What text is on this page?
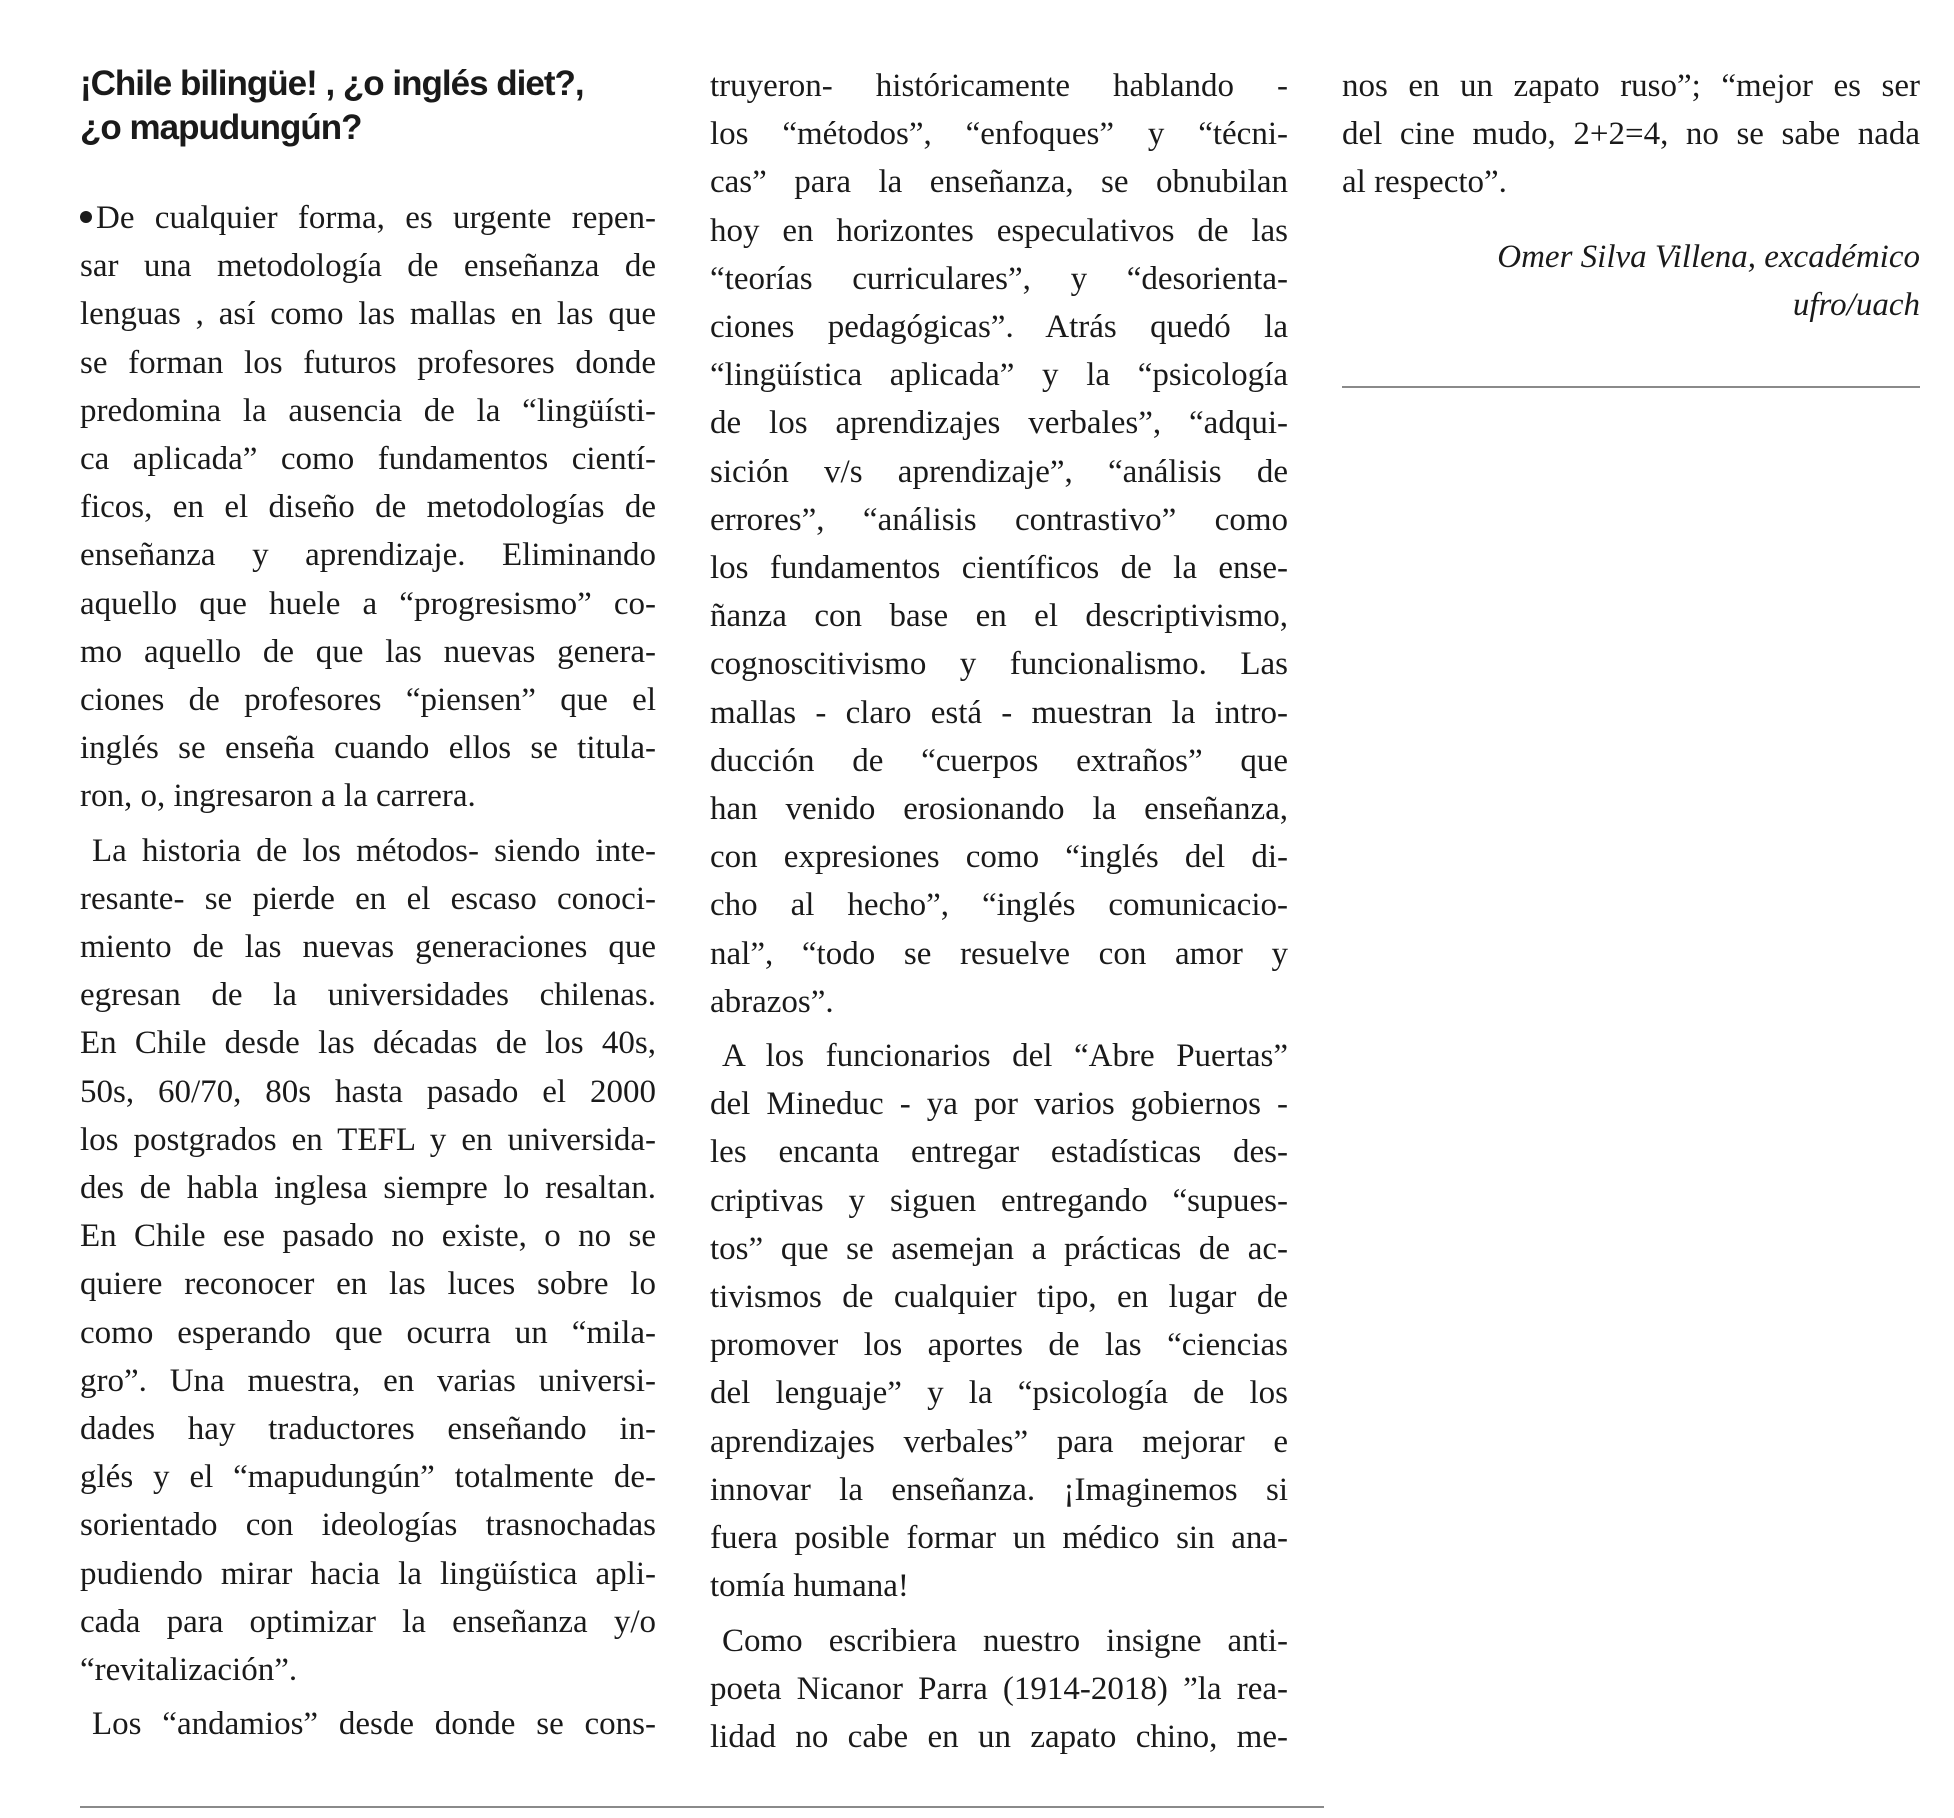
¡Chile bilingüe! , ¿o inglés diet?,
¿o mapudungún?
De cualquier forma, es urgente repen-
sar una metodología de enseñanza de
lenguas , así como las mallas en las que
se forman los futuros profesores donde
predomina la ausencia de la “lingüísti-
ca aplicada” como fundamentos cientí-
ficos, en el diseño de metodologías de
enseñanza y aprendizaje. Eliminando
aquello que huele a “progresismo” co-
mo aquello de que las nuevas genera-
ciones de profesores “piensen” que el
inglés se enseña cuando ellos se titula-
ron, o, ingresaron a la carrera.
La historia de los métodos- siendo inte-
resante- se pierde en el escaso conoci-
miento de las nuevas generaciones que
egresan de la universidades chilenas.
En Chile desde las décadas de los 40s,
50s, 60/70, 80s hasta pasado el 2000
los postgrados en TEFL y en universida-
des de habla inglesa siempre lo resaltan.
En Chile ese pasado no existe, o no se
quiere reconocer en las luces sobre lo
como esperando que ocurra un “mila-
gro”. Una muestra, en varias universi-
dades hay traductores enseñando in-
glés y el “mapudungún” totalmente de-
sorientado con ideologías trasnochadas
pudiendo mirar hacia la lingüística apli-
cada para optimizar la enseñanza y/o
“revitalización”.
Los “andamios” desde donde se cons-
truyeron- históricamente hablando -
los “métodos”, “enfoques” y “técni-
cas” para la enseñanza, se obnubilan
hoy en horizontes especulativos de las
“teorías curriculares”, y “desorienta-
ciones pedagógicas”. Atrás quedó la
“lingüística aplicada” y la “psicología
de los aprendizajes verbales”, “adqui-
sición v/s aprendizaje”, “análisis de
errores”, “análisis contrastivo” como
los fundamentos científicos de la ense-
ñanza con base en el descriptivismo,
cognoscitivismo y funcionalismo. Las
mallas - claro está - muestran la intro-
ducción de “cuerpos extraños” que
han venido erosionando la enseñanza,
con expresiones como “inglés del di-
cho al hecho”, “inglés comunicacio-
nal”, “todo se resuelve con amor y
abrazos”.
A los funcionarios del “Abre Puertas”
del Mineduc - ya por varios gobiernos -
les encanta entregar estadísticas des-
criptivas y siguen entregando “supues-
tos” que se asemejan a prácticas de ac-
tivismos de cualquier tipo, en lugar de
promover los aportes de las “ciencias
del lenguaje” y la “psicología de los
aprendizajes verbales” para mejorar e
innovar la enseñanza. ¡Imaginemos si
fuera posible formar un médico sin ana-
tomía humana!
Como escribiera nuestro insigne anti-
poeta Nicanor Parra (1914-2018) ”la rea-
lidad no cabe en un zapato chino, me-
nos en un zapato ruso”; “mejor es ser
del cine mudo, 2+2=4, no se sabe nada
al respecto”.
Omer Silva Villena, excadémico
ufro/uach
